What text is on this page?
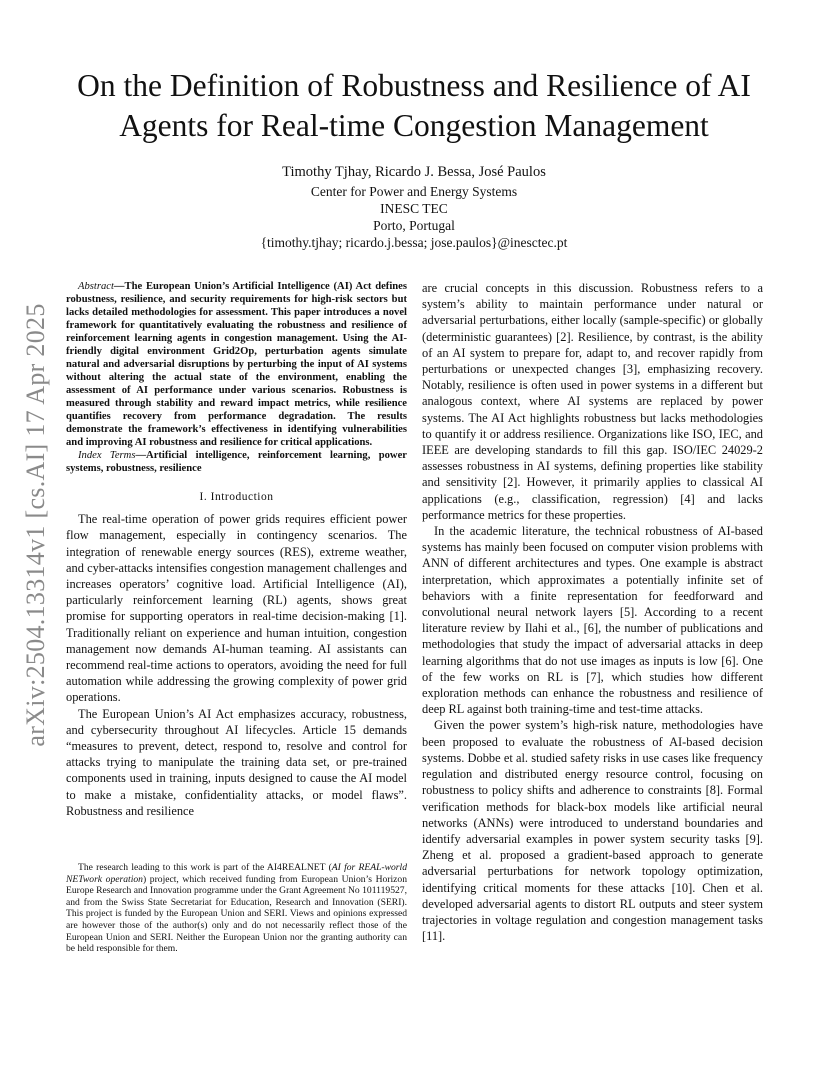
arXiv:2504.13314v1 [cs.AI] 17 Apr 2025
On the Definition of Robustness and Resilience of AI Agents for Real-time Congestion Management
Timothy Tjhay, Ricardo J. Bessa, José Paulos
Center for Power and Energy Systems
INESC TEC
Porto, Portugal
{timothy.tjhay; ricardo.j.bessa; jose.paulos}@inesctec.pt

Abstract—The European Union’s Artificial Intelligence (AI) Act defines robustness, resilience, and security requirements for high-risk sectors but lacks detailed methodologies for assessment. This paper introduces a novel framework for quantitatively evaluating the robustness and resilience of reinforcement learning agents in congestion management. Using the AI-friendly digital environment Grid2Op, perturbation agents simulate natural and adversarial disruptions by perturbing the input of AI systems without altering the actual state of the environment, enabling the assessment of AI performance under various scenarios. Robustness is measured through stability and reward impact metrics, while resilience quantifies recovery from performance degradation. The results demonstrate the framework’s effectiveness in identifying vulnerabilities and improving AI robustness and resilience for critical applications.

Index Terms—Artificial intelligence, reinforcement learning, power systems, robustness, resilience

I. Introduction

The real-time operation of power grids requires efficient power flow management, especially in contingency scenarios. The integration of renewable energy sources (RES), extreme weather, and cyber-attacks intensifies congestion management challenges and increases operators’ cognitive load. Artificial Intelligence (AI), particularly reinforcement learning (RL) agents, shows great promise for supporting operators in real-time decision-making [1]. Traditionally reliant on experience and human intuition, congestion management now demands AI-human teaming. AI assistants can recommend real-time actions to operators, avoiding the need for full automation while addressing the growing complexity of power grid operations.

The European Union’s AI Act emphasizes accuracy, robustness, and cybersecurity throughout AI lifecycles. Article 15 demands “measures to prevent, detect, respond to, resolve and control for attacks trying to manipulate the training data set, or pre-trained components used in training, inputs designed to cause the AI model to make a mistake, confidentiality attacks, or model flaws”. Robustness and resilience

The research leading to this work is part of the AI4REALNET (AI for REAL-world NETwork operation) project, which received funding from European Union’s Horizon Europe Research and Innovation programme under the Grant Agreement No 101119527, and from the Swiss State Secretariat for Education, Research and Innovation (SERI). This project is funded by the European Union and SERI. Views and opinions expressed are however those of the author(s) only and do not necessarily reflect those of the European Union and SERI. Neither the European Union nor the granting authority can be held responsible for them.

are crucial concepts in this discussion. Robustness refers to a system’s ability to maintain performance under natural or adversarial perturbations, either locally (sample-specific) or globally (deterministic guarantees) [2]. Resilience, by contrast, is the ability of an AI system to prepare for, adapt to, and recover rapidly from perturbations or unexpected changes [3], emphasizing recovery. Notably, resilience is often used in power systems in a different but analogous context, where AI systems are replaced by power systems. The AI Act highlights robustness but lacks methodologies to quantify it or address resilience. Organizations like ISO, IEC, and IEEE are developing standards to fill this gap. ISO/IEC 24029-2 assesses robustness in AI systems, defining properties like stability and sensitivity [2]. However, it primarily applies to classical AI applications (e.g., classification, regression) [4] and lacks performance metrics for these properties.

In the academic literature, the technical robustness of AI-based systems has mainly been focused on computer vision problems with ANN of different architectures and types. One example is abstract interpretation, which approximates a potentially infinite set of behaviors with a finite representation for feedforward and convolutional neural network layers [5]. According to a recent literature review by Ilahi et al., [6], the number of publications and methodologies that study the impact of adversarial attacks in deep learning algorithms that do not use images as inputs is low [6]. One of the few works on RL is [7], which studies how different exploration methods can enhance the robustness and resilience of deep RL against both training-time and test-time attacks.

Given the power system’s high-risk nature, methodologies have been proposed to evaluate the robustness of AI-based decision systems. Dobbe et al. studied safety risks in use cases like frequency regulation and distributed energy resource control, focusing on robustness to policy shifts and adherence to constraints [8]. Formal verification methods for black-box models like artificial neural networks (ANNs) were introduced to understand boundaries and identify adversarial examples in power system security tasks [9]. Zheng et al. proposed a gradient-based approach to generate adversarial perturbations for network topology optimization, identifying critical moments for these attacks [10]. Chen et al. developed adversarial agents to distort RL outputs and steer system trajectories in voltage regulation and congestion management tasks [11].
